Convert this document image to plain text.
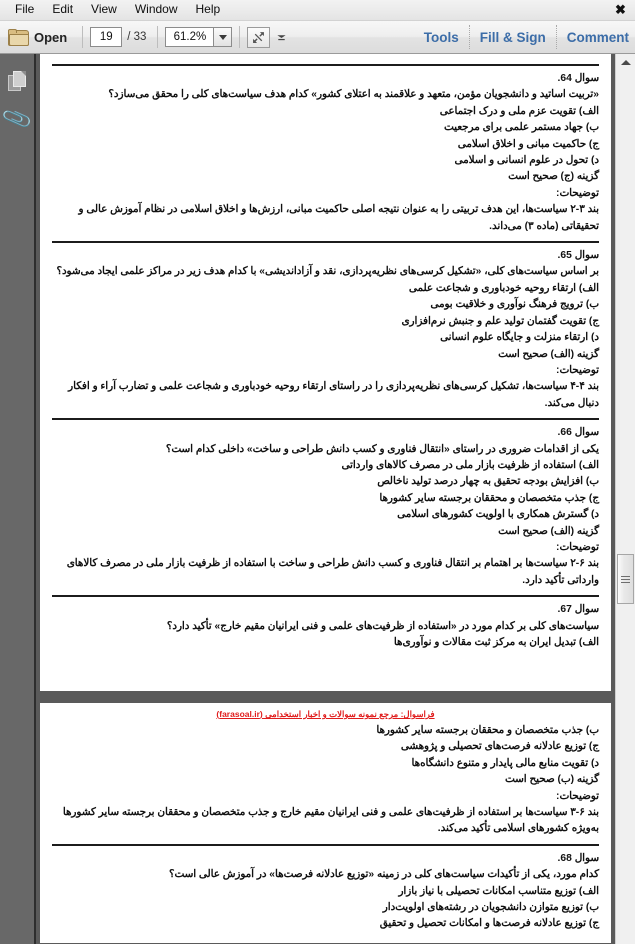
File	Edit	View	Window	Help	✖
Open	19	/ 33	61.2%	Tools Fill & Sign Comment
📎
سوال 64.
«تربیت اساتید و دانشجویان مؤمن، متعهد و علاقمند به اعتلای کشور» کدام هدف سیاست‌های کلی را محقق می‌سازد؟
الف) تقویت عزم ملی و درک اجتماعی
ب) جهاد مستمر علمی برای مرجعیت
ج) حاکمیت مبانی و اخلاق اسلامی
د) تحول در علوم انسانی و اسلامی
گزینه (ج) صحیح است
توضیحات:
بند ۳-۲ سیاست‌ها، این هدف تربیتی را به عنوان نتیجه اصلی حاکمیت مبانی، ارزش‌ها و اخلاق اسلامی در نظام آموزش عالی و تحقیقاتی (ماده ۳) می‌داند.
سوال 65.
بر اساس سیاست‌های کلی، «تشکیل کرسی‌های نظریه‌پردازی، نقد و آزاداندیشی» با کدام هدف زیر در مراکز علمی ایجاد می‌شود؟
الف) ارتقاء روحیه خودباوری و شجاعت علمی
ب) ترویج فرهنگ نوآوری و خلاقیت بومی
ج) تقویت گفتمان تولید علم و جنبش نرم‌افزاری
د) ارتقاء منزلت و جایگاه علوم انسانی
گزینه (الف) صحیح است
توضیحات:
بند ۴-۴ سیاست‌ها، تشکیل کرسی‌های نظریه‌پردازی را در راستای ارتقاء روحیه خودباوری و شجاعت علمی و تضارب آراء و افکار دنبال می‌کند.
سوال 66.
یکی از اقدامات ضروری در راستای «انتقال فناوری و کسب دانش طراحی و ساخت» داخلی کدام است؟
الف) استفاده از ظرفیت بازار ملی در مصرف کالاهای وارداتی
ب) افزایش بودجه تحقیق به چهار درصد تولید ناخالص
ج) جذب متخصصان و محققان برجسته سایر کشورها
د) گسترش همکاری با اولویت کشورهای اسلامی
گزینه (الف) صحیح است
توضیحات:
بند ۶-۲ سیاست‌ها بر اهتمام بر انتقال فناوری و کسب دانش طراحی و ساخت با استفاده از ظرفیت بازار ملی در مصرف کالاهای وارداتی تأکید دارد.
سوال 67.
سیاست‌های کلی بر کدام مورد در «استفاده از ظرفیت‌های علمی و فنی ایرانیان مقیم خارج» تأکید دارد؟
الف) تبدیل ایران به مرکز ثبت مقالات و نوآوری‌ها
فراسوال: مرجع نمونه سوالات و اخبار استخدامی (farasoal.ir)
ب) جذب متخصصان و محققان برجسته سایر کشورها
ج) توزیع عادلانه فرصت‌های تحصیلی و پژوهشی
د) تقویت منابع مالی پایدار و متنوع دانشگاه‌ها
گزینه (ب) صحیح است
توضیحات:
بند ۶-۳ سیاست‌ها بر استفاده از ظرفیت‌های علمی و فنی ایرانیان مقیم خارج و جذب متخصصان و محققان برجسته سایر کشورها به‌ویژه کشورهای اسلامی تأکید می‌کند.
سوال 68.
کدام مورد، یکی از تأکیدات سیاست‌های کلی در زمینه «توزیع عادلانه فرصت‌ها» در آموزش عالی است؟
الف) توزیع متناسب امکانات تحصیلی با نیاز بازار
ب) توزیع متوازن دانشجویان در رشته‌های اولویت‌دار
ج) توزیع عادلانه فرصت‌ها و امکانات تحصیل و تحقیق
